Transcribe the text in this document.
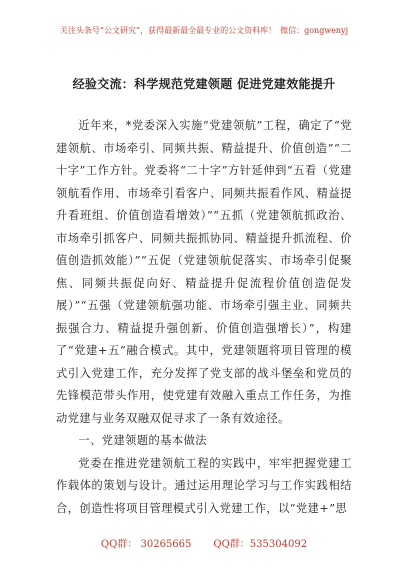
关注头条号“公文研究”，获得最新最全最专业的公文资料库！ 微信：gongwenyj
经验交流：科学规范党建领题 促进党建效能提升

近年来，*党委深入实施“党建领航”工程，确定了“党建领航、市场牵引、同频共振、精益提升、价值创造”“二十字”工作方针。党委将“二十字”方针延伸到“五看（党建领航看作用、市场牵引看客户、同频共振看作风、精益提升看班组、价值创造看增效）”“五抓（党建领航抓政治、市场牵引抓客户、同频共振抓协同、精益提升抓流程、价值创造抓效能）”“五促（党建领航促落实、市场牵引促聚焦、同频共振促向好、精益提升促流程价值创造促发展）”“五强（党建领航强功能、市场牵引强主业、同频共振强合力、精益提升强创新、价值创造强增长）”，构建了“党建+五”融合模式。其中，党建领题将项目管理的模式引入党建工作，充分发挥了党支部的战斗堡垒和党员的先锋模范带头作用，使党建有效融入重点工作任务，为推动党建与业务双融双促寻求了一条有效途径。

一、党建领题的基本做法

党委在推进党建领航工程的实践中，牢牢把握党建工作载体的策划与设计。通过运用理论学习与工作实践相结合，创造性将项目管理模式引入党建工作，以“党建+”思

QQ群： 30265665 QQ群：535304092
